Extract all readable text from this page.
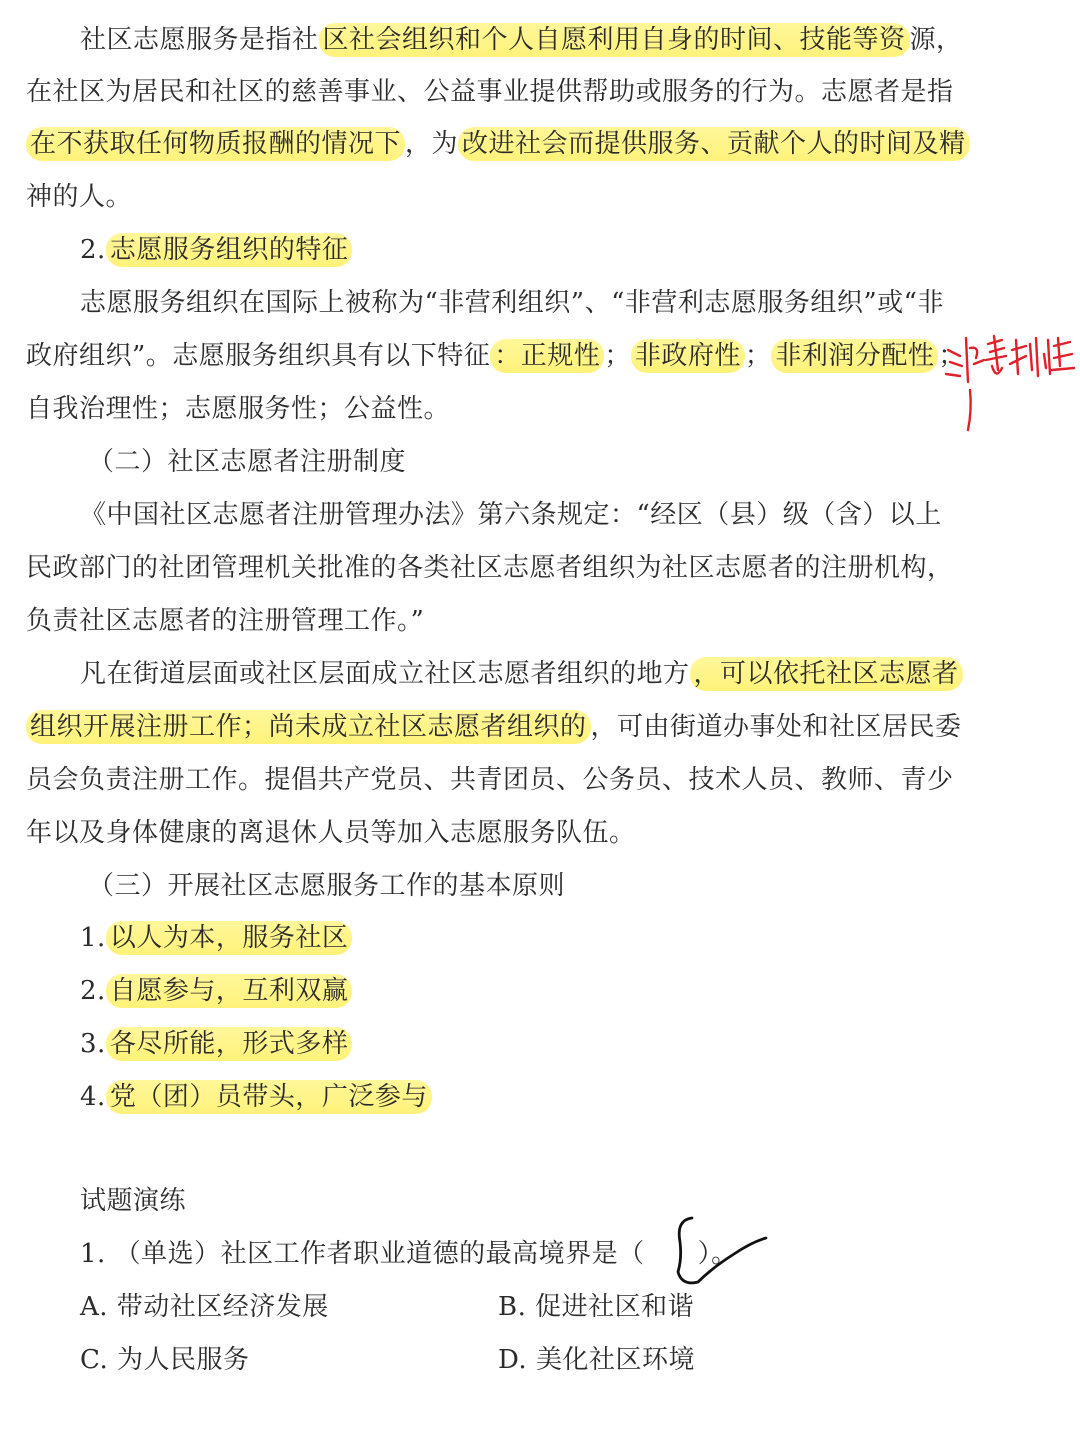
社区志愿服务是指社 区社会组织和个人自愿利用自身的时间、技能等资 源，
在社区为居民和社区的慈善事业、公益事业提供帮助或服务的行为。志愿者是指
在不获取任何物质报酬的情况下 ，为 改进社会而提供服务、贡献个人的时间及精
神的人。
2. 志愿服务组织的特征
志愿服务组织在国际上被称为“非营利组织”、“非营利志愿服务组织”或“非
政府组织”。志愿服务组织具有以下特征 ：正规性 ； 非政府性 ； 非利润分配性 ；
自我治理性；志愿服务性；公益性。
（二）社区志愿者注册制度
《中国社区志愿者注册管理办法》第六条规定：“经区（县）级（含）以上
民政部门的社团管理机关批准的各类社区志愿者组织为社区志愿者的注册机构，
负责社区志愿者的注册管理工作。”
凡在街道层面或社区层面成立社区志愿者组织的地方 ，可以依托社区志愿者
组织开展注册工作；尚未成立社区志愿者组织的 ，可由街道办事处和社区居民委
员会负责注册工作。提倡共产党员、共青团员、公务员、技术人员、教师、青少
年以及身体健康的离退休人员等加入志愿服务队伍。
（三）开展社区志愿服务工作的基本原则
1. 以人为本，服务社区
2. 自愿参与，互利双赢
3. 各尽所能，形式多样
4. 党（团）员带头，广泛参与
试题演练
1. （单选）社区工作者职业道德的最高境界是（　　）。
A. 带动社区经济发展	B. 促进社区和谐
C. 为人民服务	D. 美化社区环境
